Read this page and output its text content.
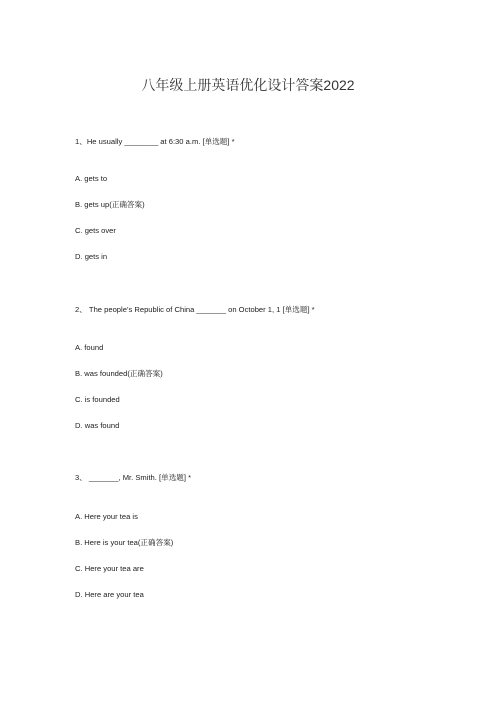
八年级上册英语优化设计答案2022
1、He usually ________ at 6:30 a.m. [单选题] *
A. gets to
B. gets up(正确答案)
C. gets over
D. gets in
2、 The people’s Republic of China _______ on October 1, 1 [单选题] *
A. found
B. was founded(正确答案)
C. is founded
D. was found
3、 _______, Mr. Smith. [单选题] *
A. Here your tea is
B. Here is your tea(正确答案)
C. Here your tea are
D. Here are your tea
